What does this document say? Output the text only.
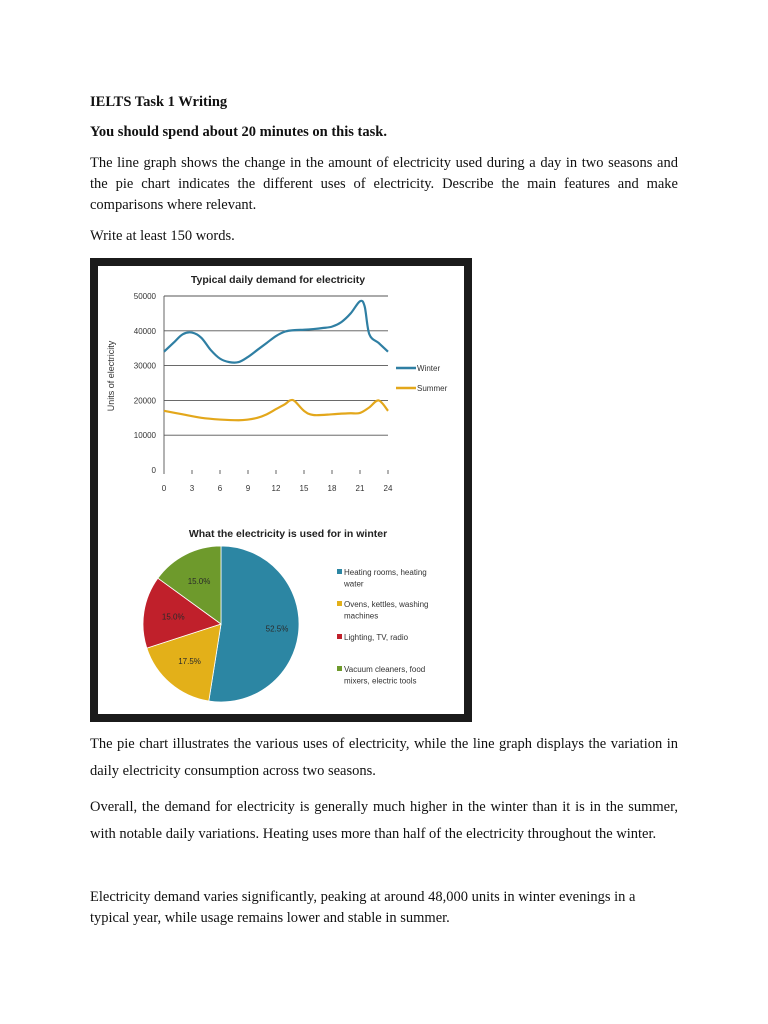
IELTS Task 1 Writing

You should spend about 20 minutes on this task.

The line graph shows the change in the amount of electricity used during a day in two seasons and the pie chart indicates the different uses of electricity. Describe the main features and make comparisons where relevant.

Write at least 150 words.

The pie chart illustrates the various uses of electricity, while the line graph displays the variation in daily electricity consumption across two seasons.

Overall, the demand for electricity is generally much higher in the winter than it is in the summer, with notable daily variations. Heating uses more than half of the electricity throughout the winter.

Electricity demand varies significantly, peaking at around 48,000 units in winter evenings in a typical year, while usage remains lower and stable in summer.

Typical daily demand for electricity
Units of electricity
0
10000
20000
30000
40000
50000
0	3	6	9	12 15 18 21 24
Winter
Summer
What the electricity is used for in winter
52.5%
Heating rooms, heating water
17.5%
Ovens, kettles, washing machines
15.0%
Lighting, TV, radio
15.0%
Vacuum cleaners, food mixers, electric tools
